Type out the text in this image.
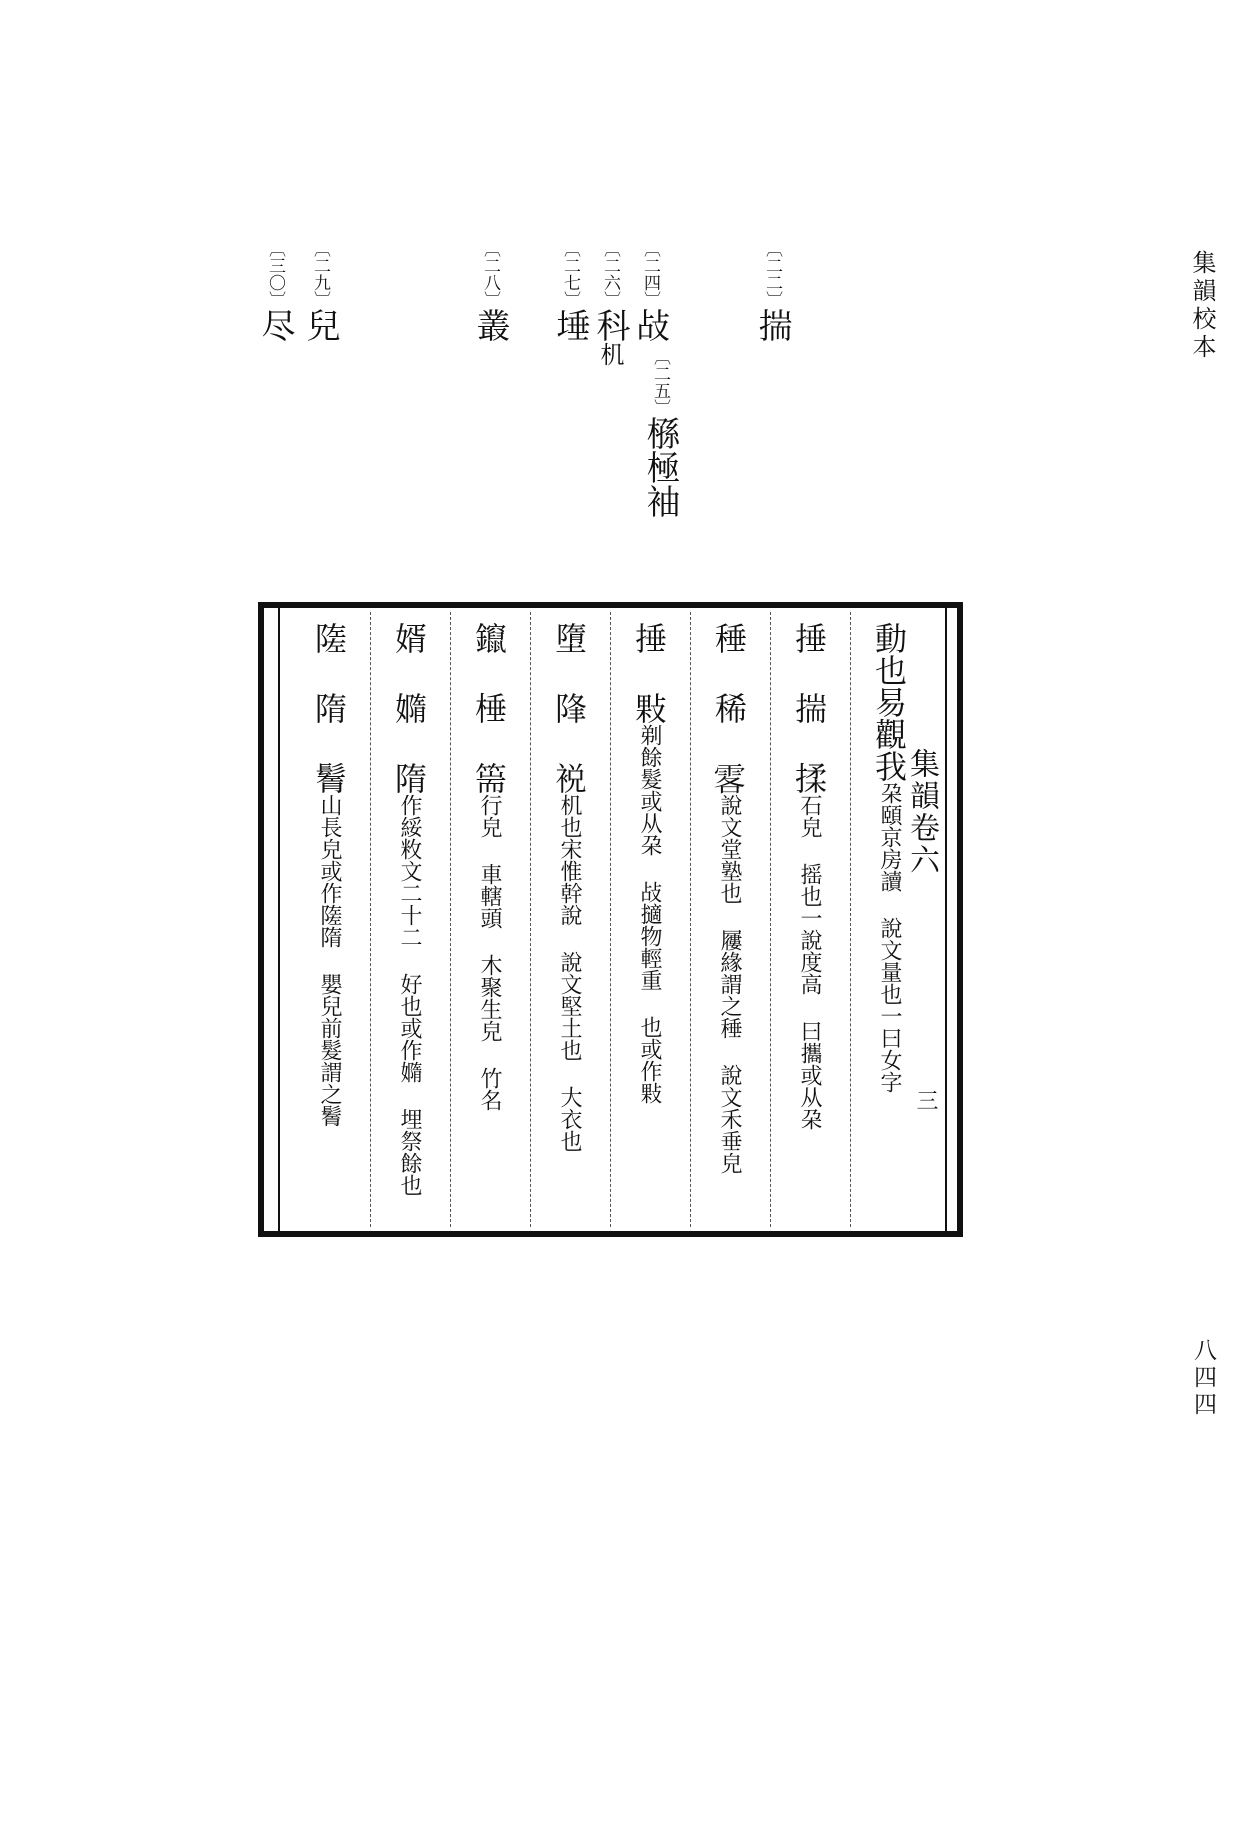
集韻校本
八四四
〔二二〕揣
〔二四〕敁
〔二五〕槂極袖
〔二六〕科机
〔二七〕埵
〔二八〕叢
〔二九〕兒
〔三〇〕尽
集韻卷六
三
動也易觀我朶頤京房讀 說文量也一曰女字
捶 揣 揉石皃 摇也一說度高 曰攜或从朶
䅜 稀 𩂣說文堂塾也 屨緣謂之䅜 說文禾垂皃
捶 敤剃餘髮或从朶 敁擿物輕重 也或作敤
墮 䧏 裞机也宋惟幹說 說文堅土也 大衣也
鑹 棰 篅行皃 車轄頭 木聚生皃 竹名
婿 嫷 隋作綏敉文二十二 好也或作嫷 埋祭餘也
隓 隋 鬌山長皃或作隓隋 嬰兒前髮謂之鬌
